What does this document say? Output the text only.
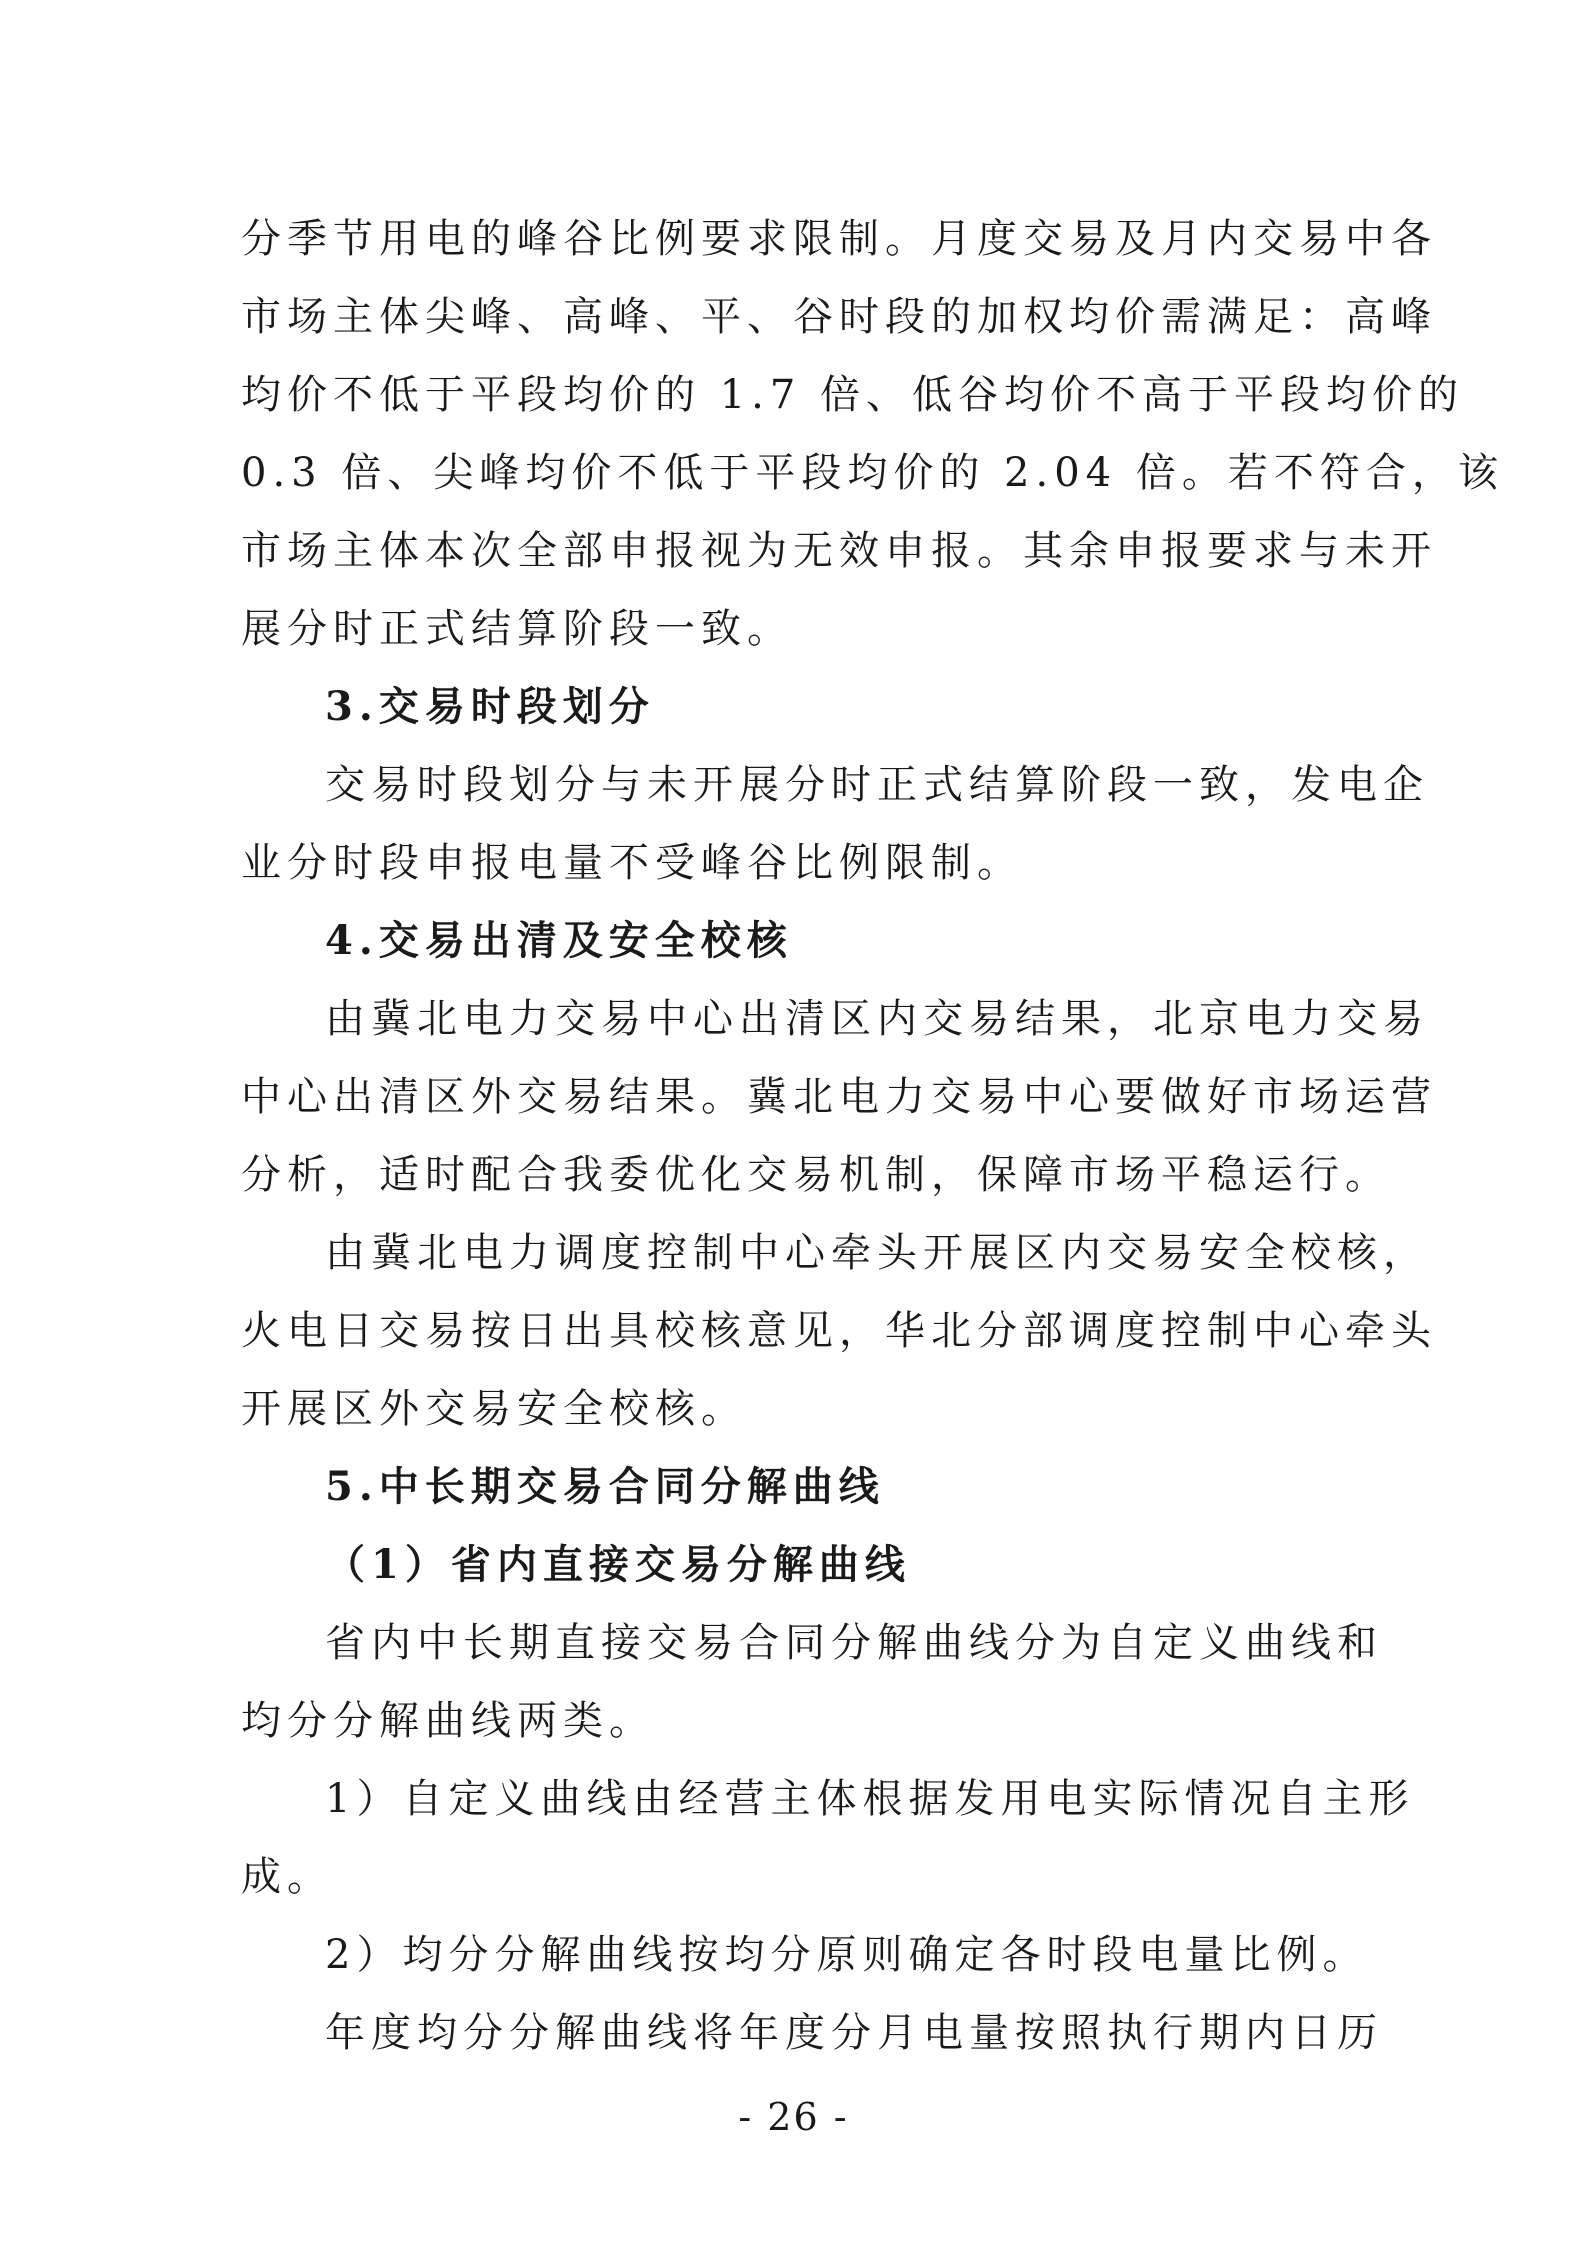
分季节用电的峰谷比例要求限制。月度交易及月内交易中各
市场主体尖峰、高峰、平、谷时段的加权均价需满足：高峰
均价不低于平段均价的 1.7 倍、低谷均价不高于平段均价的
0.3 倍、尖峰均价不低于平段均价的 2.04 倍。若不符合，该
市场主体本次全部申报视为无效申报。其余申报要求与未开
展分时正式结算阶段一致。
3.交易时段划分
交易时段划分与未开展分时正式结算阶段一致，发电企
业分时段申报电量不受峰谷比例限制。
4.交易出清及安全校核
由冀北电力交易中心出清区内交易结果，北京电力交易
中心出清区外交易结果。冀北电力交易中心要做好市场运营
分析，适时配合我委优化交易机制，保障市场平稳运行。
由冀北电力调度控制中心牵头开展区内交易安全校核，
火电日交易按日出具校核意见，华北分部调度控制中心牵头
开展区外交易安全校核。
5.中长期交易合同分解曲线
（1）省内直接交易分解曲线
省内中长期直接交易合同分解曲线分为自定义曲线和
均分分解曲线两类。
1）自定义曲线由经营主体根据发用电实际情况自主形
成。
2）均分分解曲线按均分原则确定各时段电量比例。
年度均分分解曲线将年度分月电量按照执行期内日历
- 26 -
